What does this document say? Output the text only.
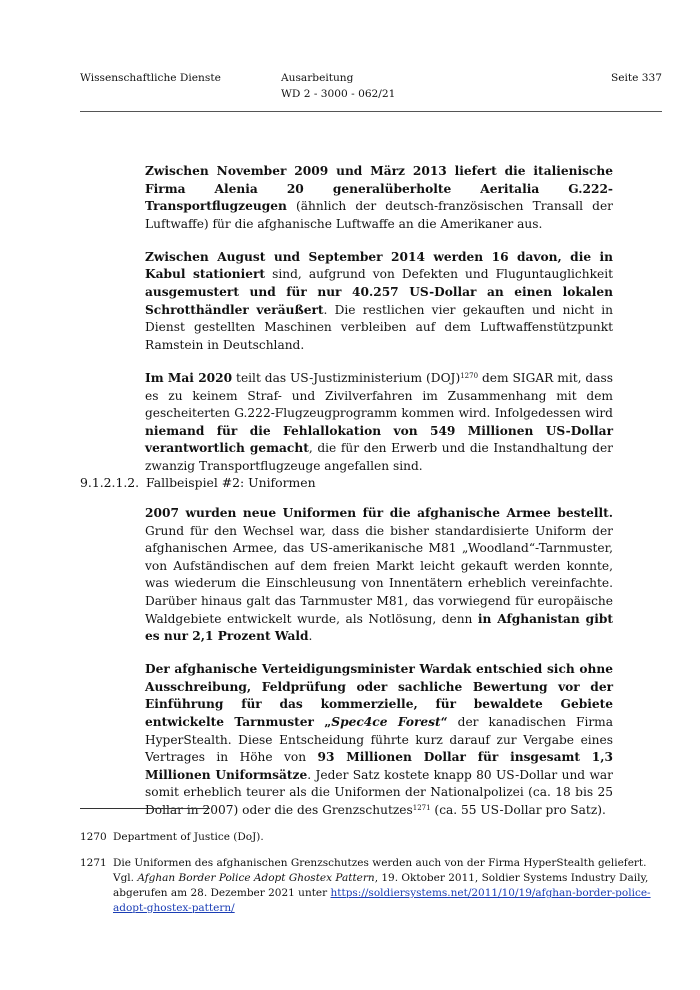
Wissenschaftliche Dienste	Ausarbeitung
WD 2 - 3000 - 062/21
Seite 337

Zwischen November 2009 und März 2013 liefert die italienische Firma Alenia 20 generalüberholte Aeritalia G.222-Transportflugzeugen (ähnlich der deutsch-französischen Transall der Luftwaffe) für die afghanische Luftwaffe an die Amerikaner aus.

Zwischen August und September 2014 werden 16 davon, die in Kabul stationiert sind, aufgrund von Defekten und Fluguntauglichkeit ausgemustert und für nur 40.257 US-Dollar an einen lokalen Schrotthändler veräußert. Die restlichen vier gekauften und nicht in Dienst gestellten Maschinen verbleiben auf dem Luftwaffenstützpunkt Ramstein in Deutschland.

Im Mai 2020 teilt das US-Justizministerium (DOJ)$^{1270}$ dem SIGAR mit, dass es zu keinem Straf- und Zivilverfahren im Zusammenhang mit dem gescheiterten G.222-Flugzeugprogramm kommen wird. Infolgedessen wird niemand für die Fehlallokation von 549 Millionen US-Dollar verantwortlich gemacht, die für den Erwerb und die Instandhaltung der zwanzig Transportflugzeuge angefallen sind.

9.1.2.1.2. Fallbeispiel #2: Uniformen

2007 wurden neue Uniformen für die afghanische Armee bestellt. Grund für den Wechsel war, dass die bisher standardisierte Uniform der afghanischen Armee, das US-amerikanische M81 „Woodland“-Tarnmuster, von Aufständischen auf dem freien Markt leicht gekauft werden konnte, was wiederum die Einschleusung von Innentätern erheblich vereinfachte. Darüber hinaus galt das Tarnmuster M81, das vorwiegend für europäische Waldgebiete entwickelt wurde, als Notlösung, denn in Afghanistan gibt es nur 2,1 Prozent Wald.

Der afghanische Verteidigungsminister Wardak entschied sich ohne Ausschreibung, Feldprüfung oder sachliche Bewertung vor der Einführung für das kommerzielle, für bewaldete Gebiete entwickelte Tarnmuster „Spec4ce Forest“ der kanadischen Firma HyperStealth. Diese Entscheidung führte kurz darauf zur Vergabe eines Vertrages in Höhe von 93 Millionen Dollar für insgesamt 1,3 Millionen Uniformsätze. Jeder Satz kostete knapp 80 US-Dollar und war somit erheblich teurer als die Uniformen der Nationalpolizei (ca. 18 bis 25 Dollar in 2007) oder die des Grenzschutzes$^{1271}$ (ca. 55 US-Dollar pro Satz).

1270 Department of Justice (DoJ).
1271 Die Uniformen des afghanischen Grenzschutzes werden auch von der Firma HyperStealth geliefert.
Vgl. Afghan Border Police Adopt Ghostex Pattern, 19. Oktober 2011, Soldier Systems Industry Daily, abgerufen am 28. Dezember 2021 unter https://soldiersystems.net/2011/10/19/afghan-border-police-adopt-ghostex-pattern/
